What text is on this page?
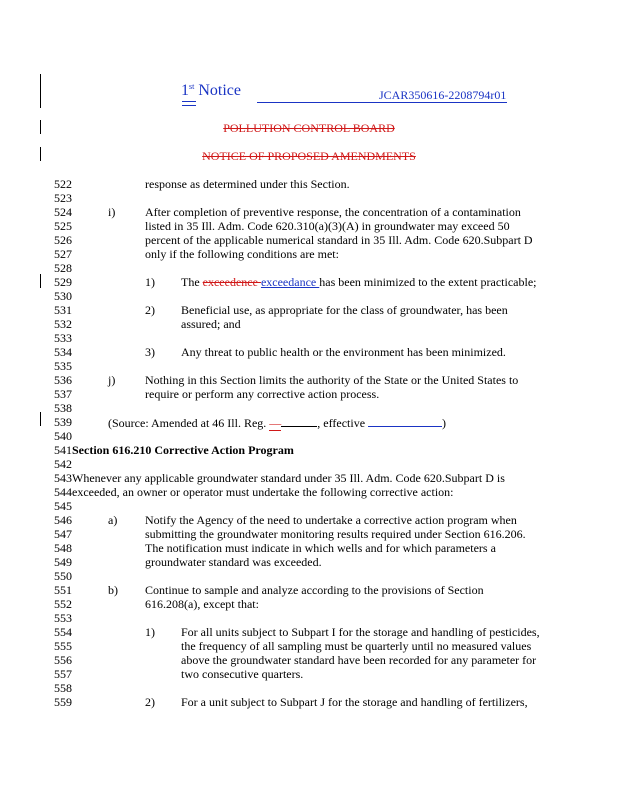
1st Notice	JCAR350616-2208794r01
POLLUTION CONTROL BOARD
NOTICE OF PROPOSED AMENDMENTS
522
523
524
525
526
527
528
529
530
531
532
533
534
535
536
537
538
539
540
541
542
543
544
545
546
547
548
549
550
551
552
553
554
555
556
557
558
559
response as determined under this Section.
i) After completion of preventive response, the concentration of a contamination
listed in 35 Ill. Adm. Code 620.310(a)(3)(A) in groundwater may exceed 50
percent of the applicable numerical standard in 35 Ill. Adm. Code 620.Subpart D
only if the following conditions are met:
1) The exceedence exceedance has been minimized to the extent practicable;
2) Beneficial use, as appropriate for the class of groundwater, has been
assured; and
3) Any threat to public health or the environment has been minimized.
j) Nothing in this Section limits the authority of the State or the United States to
require or perform any corrective action process.
(Source: Amended at 46 Ill. Reg. —	, effective	)
Section 616.210 Corrective Action Program
Whenever any applicable groundwater standard under 35 Ill. Adm. Code 620.Subpart D is
exceeded, an owner or operator must undertake the following corrective action:
a) Notify the Agency of the need to undertake a corrective action program when
submitting the groundwater monitoring results required under Section 616.206.
The notification must indicate in which wells and for which parameters a
groundwater standard was exceeded.
b) Continue to sample and analyze according to the provisions of Section
616.208(a), except that:
1) For all units subject to Subpart I for the storage and handling of pesticides,
the frequency of all sampling must be quarterly until no measured values
above the groundwater standard have been recorded for any parameter for
two consecutive quarters.
2) For a unit subject to Subpart J for the storage and handling of fertilizers,
